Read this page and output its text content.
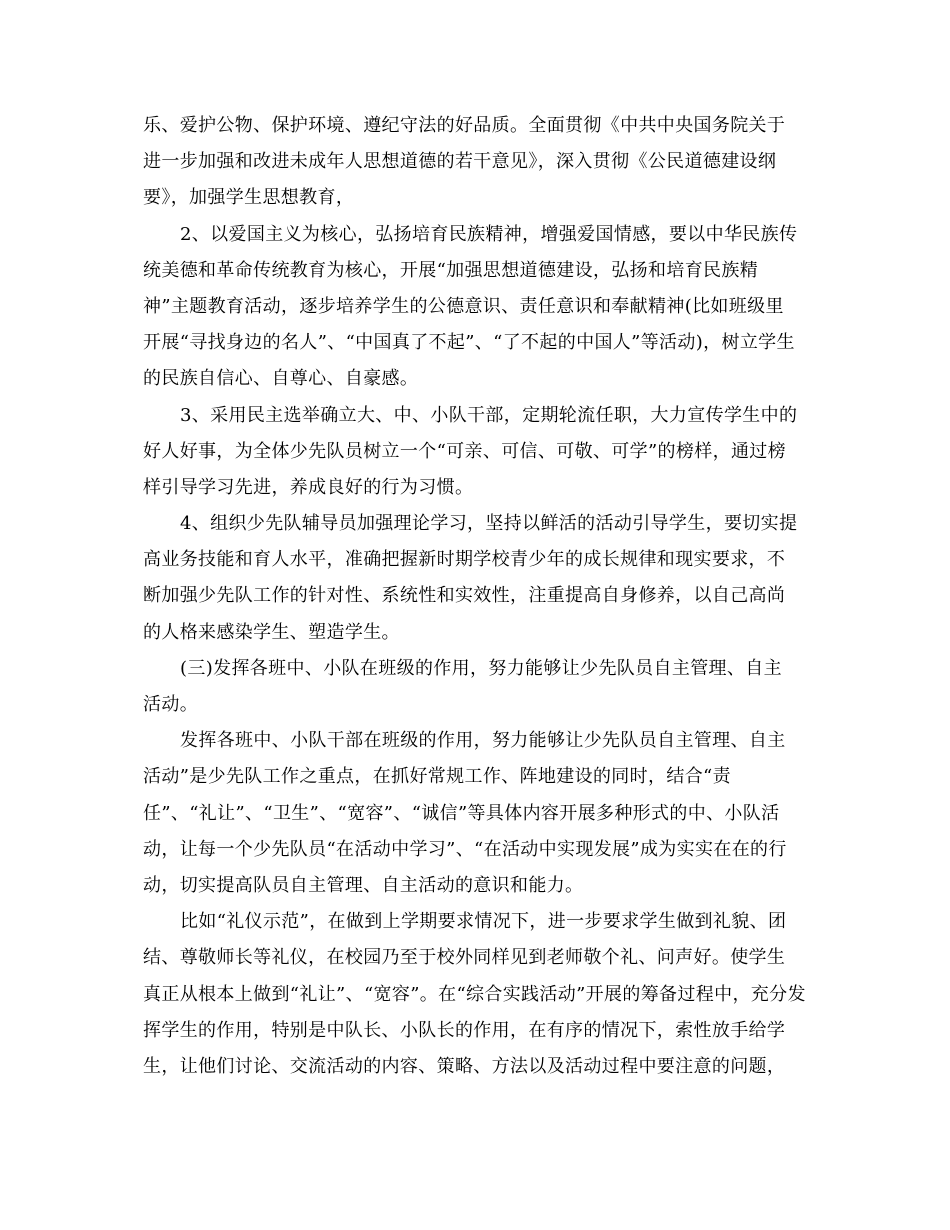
乐、爱护公物、保护环境、遵纪守法的好品质。全面贯彻《中共中央国务院关于
进一步加强和改进未成年人思想道德的若干意见》，深入贯彻《公民道德建设纲
要》，加强学生思想教育，
2、以爱国主义为核心，弘扬培育民族精神，增强爱国情感，要以中华民族传
统美德和革命传统教育为核心，开展“加强思想道德建设，弘扬和培育民族精
神”主题教育活动，逐步培养学生的公德意识、责任意识和奉献精神(比如班级里
开展“寻找身边的名人”、“中国真了不起”、“了不起的中国人”等活动)，树立学生
的民族自信心、自尊心、自豪感。
3、采用民主选举确立大、中、小队干部，定期轮流任职，大力宣传学生中的
好人好事，为全体少先队员树立一个“可亲、可信、可敬、可学”的榜样，通过榜
样引导学习先进，养成良好的行为习惯。
4、组织少先队辅导员加强理论学习，坚持以鲜活的活动引导学生，要切实提
高业务技能和育人水平，准确把握新时期学校青少年的成长规律和现实要求，不
断加强少先队工作的针对性、系统性和实效性，注重提高自身修养，以自己高尚
的人格来感染学生、塑造学生。
(三)发挥各班中、小队在班级的作用，努力能够让少先队员自主管理、自主
活动。
发挥各班中、小队干部在班级的作用，努力能够让少先队员自主管理、自主
活动”是少先队工作之重点，在抓好常规工作、阵地建设的同时，结合“责
任”、“礼让”、“卫生”、“宽容”、“诚信”等具体内容开展多种形式的中、小队活
动，让每一个少先队员“在活动中学习”、“在活动中实现发展”成为实实在在的行
动，切实提高队员自主管理、自主活动的意识和能力。
比如“礼仪示范”，在做到上学期要求情况下，进一步要求学生做到礼貌、团
结、尊敬师长等礼仪，在校园乃至于校外同样见到老师敬个礼、问声好。使学生
真正从根本上做到“礼让”、“宽容”。在“综合实践活动”开展的筹备过程中，充分发
挥学生的作用，特别是中队长、小队长的作用，在有序的情况下，索性放手给学
生，让他们讨论、交流活动的内容、策略、方法以及活动过程中要注意的问题，
